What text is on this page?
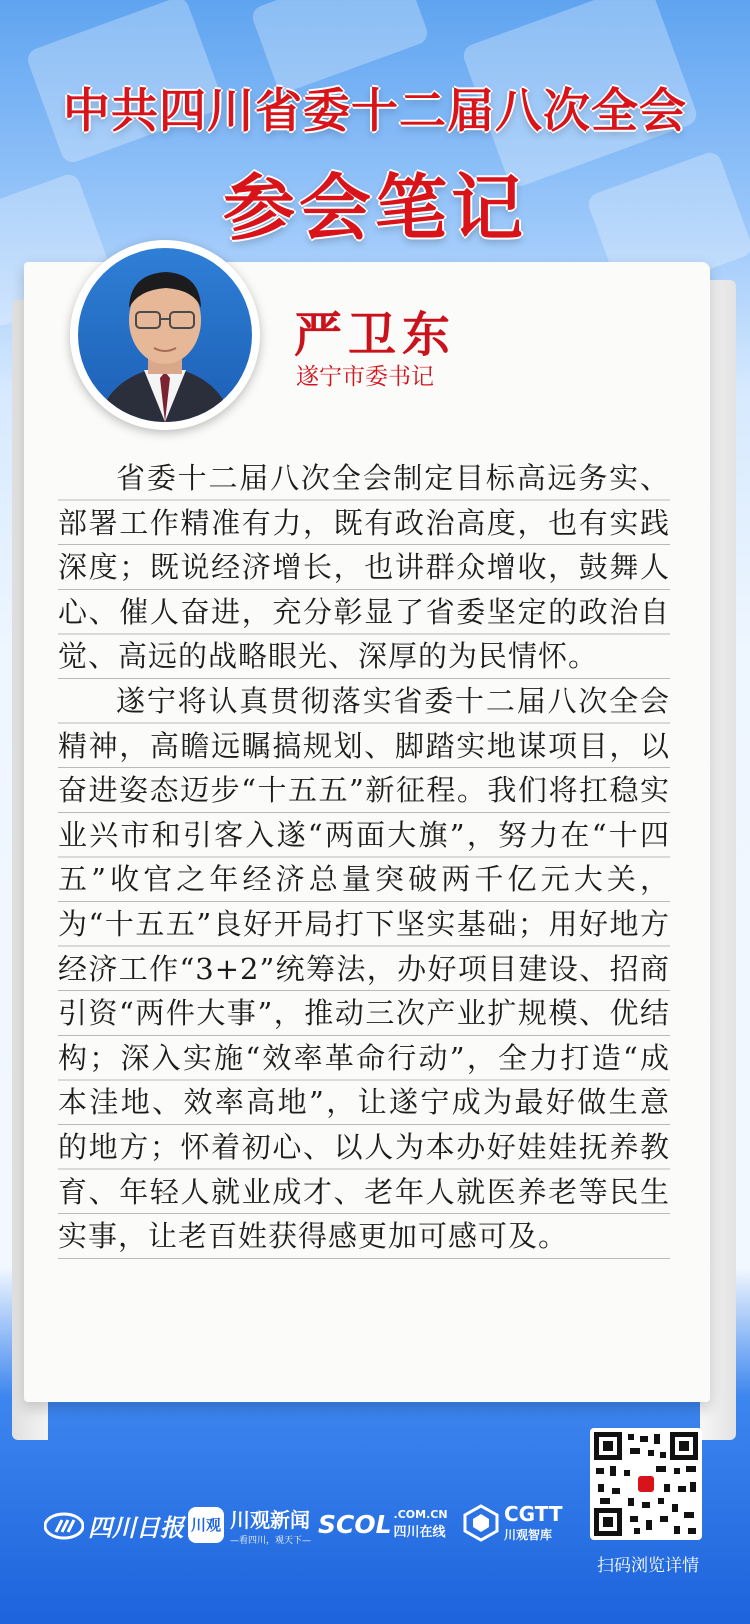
中共四川省委十二届八次全会
参会笔记
严卫东
遂宁市委书记

省委十二届八次全会制定目标高远务实、部署工作精准有力，既有政治高度，也有实践深度；既说经济增长，也讲群众增收，鼓舞人心、催人奋进，充分彰显了省委坚定的政治自觉、高远的战略眼光、深厚的为民情怀。

遂宁将认真贯彻落实省委十二届八次全会精神，高瞻远瞩搞规划、脚踏实地谋项目，以奋进姿态迈步“十五五”新征程。我们将扛稳实业兴市和引客入遂“两面大旗”，努力在“十四五”收官之年经济总量突破两千亿元大关，为“十五五”良好开局打下坚实基础；用好地方经济工作“3+2”统筹法，办好项目建设、招商引资“两件大事”，推动三次产业扩规模、优结构；深入实施“效率革命行动”，全力打造“成本洼地、效率高地”，让遂宁成为最好做生意的地方；怀着初心、以人为本办好娃娃抚养教育、年轻人就业成才、老年人就医养老等民生实事，让老百姓获得感更加可感可及。

四川日报 川观 川观新闻
—看四川，观天下—
SCOL .COM.CN
四川在线
CGTT
川观智库
扫码浏览详情
